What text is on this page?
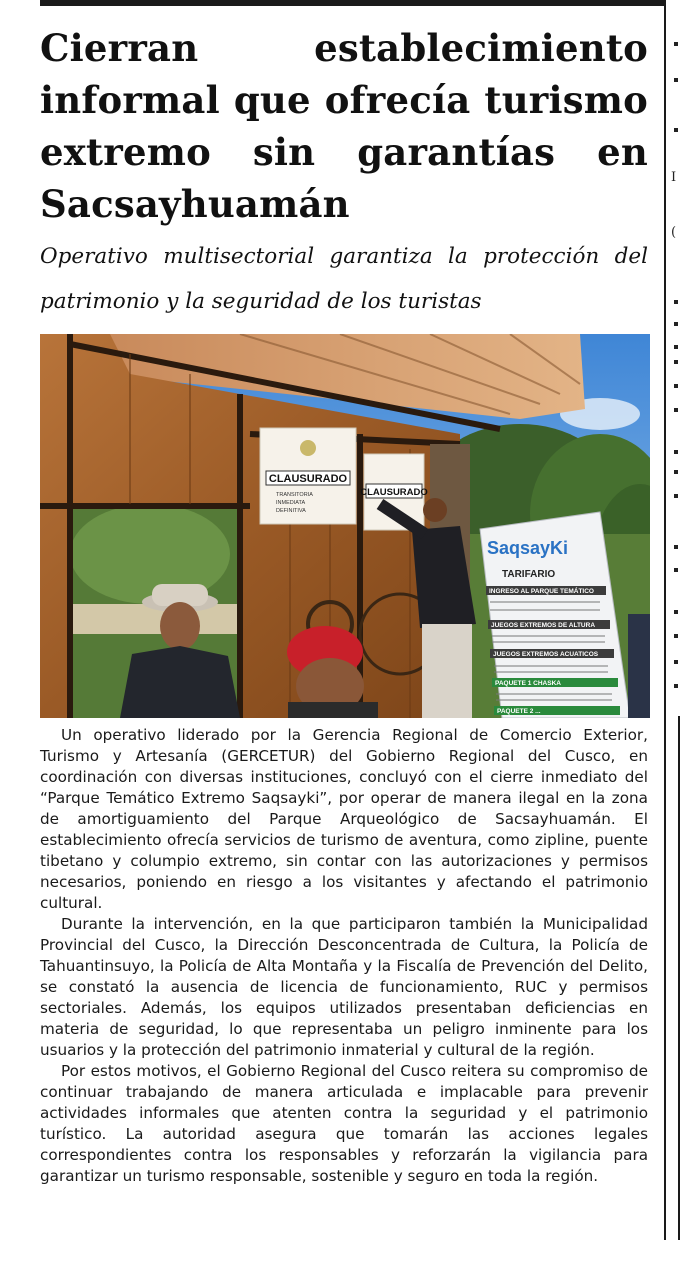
I
(
Cierran establecimiento informal que ofrecía turismo extremo sin garantías en Sacsayhuamán

Operativo multisectorial garantiza la protección del patrimonio y la seguridad de los turistas

CLAUSURADO
TRANSITORIA
INMEDIATA
DEFINITIVA
CLAUSURADO
SaqsayKi
TARIFARIO
INGRESO AL PARQUE TEMÁTICO
JUEGOS EXTREMOS DE ALTURA
JUEGOS EXTREMOS ACUATICOS
PAQUETE 1 CHASKA
PAQUETE 2 ...

Un operativo liderado por la Gerencia Regional de Comercio Exterior, Turismo y Artesanía (GERCETUR) del Gobierno Regional del Cusco, en coordinación con diversas instituciones, concluyó con el cierre inmediato del “Parque Temático Extremo Saqsayki”, por operar de manera ilegal en la zona de amortiguamiento del Parque Arqueológico de Sacsayhuamán. El establecimiento ofrecía servicios de turismo de aventura, como zipline, puente tibetano y columpio extremo, sin contar con las autorizaciones y permisos necesarios, poniendo en riesgo a los visitantes y afectando el patrimonio cultural.

Durante la intervención, en la que participaron también la Municipalidad Provincial del Cusco, la Dirección Desconcentrada de Cultura, la Policía de Tahuantinsuyo, la Policía de Alta Montaña y la Fiscalía de Prevención del Delito, se constató la ausencia de licencia de funcionamiento, RUC y permisos sectoriales. Además, los equipos utilizados presentaban deficiencias en materia de seguridad, lo que representaba un peligro inminente para los usuarios y la protección del patrimonio inmaterial y cultural de la región.

Por estos motivos, el Gobierno Regional del Cusco reitera su compromiso de continuar trabajando de manera articulada e implacable para prevenir actividades informales que atenten contra la seguridad y el patrimonio turístico. La autoridad asegura que tomarán las acciones legales correspondientes contra los responsables y reforzarán la vigilancia para garantizar un turismo responsable, sostenible y seguro en toda la región.
